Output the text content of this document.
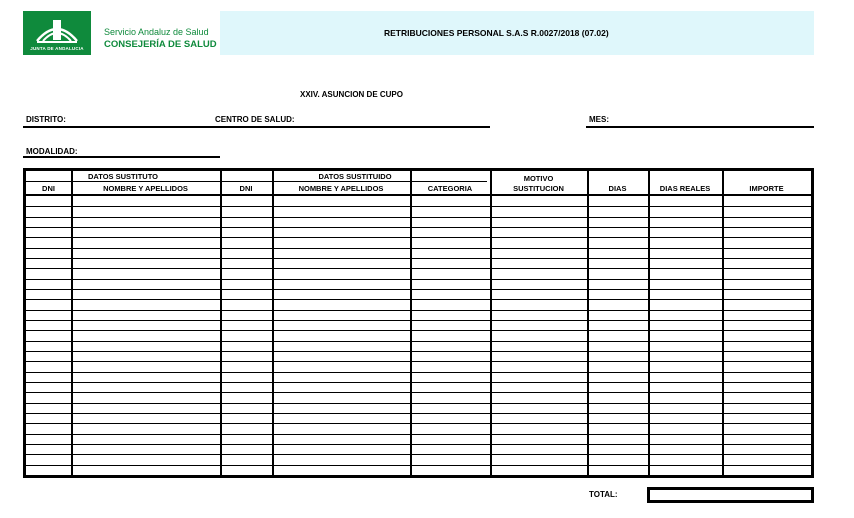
JUNTA DE ANDALUCIA
Servicio Andaluz de Salud
CONSEJERÍA DE SALUD
RETRIBUCIONES PERSONAL S.A.S R.0027/2018 (07.02)
XXIV. ASUNCION DE CUPO
DISTRITO:	CENTRO DE SALUD:	MES:
MODALIDAD:
DATOS SUSTITUTO	DATOS SUSTITUIDO	MOTIVO
DNI	NOMBRE Y APELLIDOS	DNI	NOMBRE Y APELLIDOS	CATEGORIA	SUSTITUCION	DIAS	DIAS REALES	IMPORTE
TOTAL:
